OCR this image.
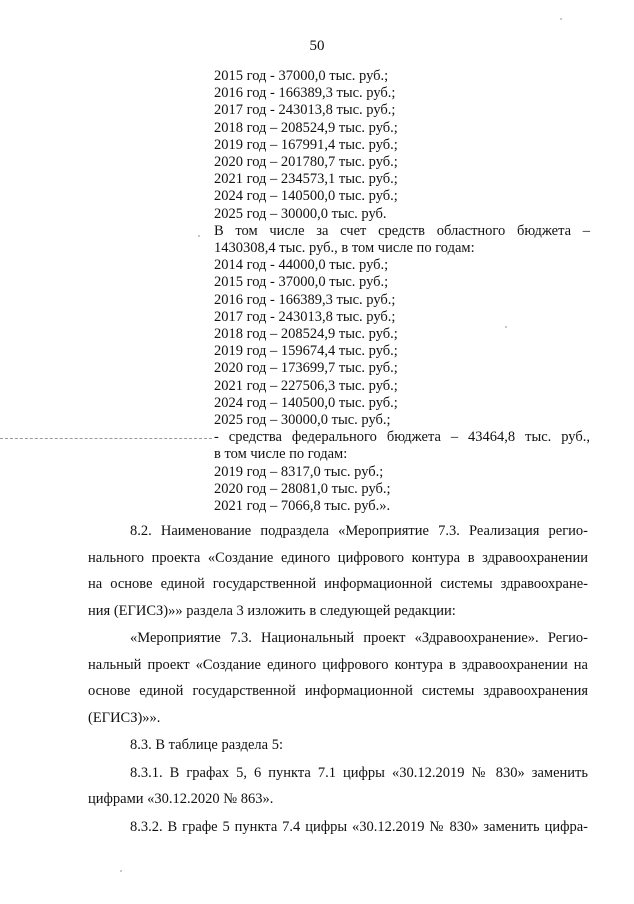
50
2015 год - 37000,0 тыс. руб.;
2016 год - 166389,3 тыс. руб.;
2017 год - 243013,8 тыс. руб.;
2018 год – 208524,9 тыс. руб.;
2019 год – 167991,4 тыс. руб.;
2020 год – 201780,7 тыс. руб.;
2021 год – 234573,1 тыс. руб.;
2024 год – 140500,0 тыс. руб.;
2025 год – 30000,0 тыс. руб.
В том числе за счет средств областного бюджета –
1430308,4 тыс. руб., в том числе по годам:
2014 год - 44000,0 тыс. руб.;
2015 год - 37000,0 тыс. руб.;
2016 год - 166389,3 тыс. руб.;
2017 год - 243013,8 тыс. руб.;
2018 год – 208524,9 тыс. руб.;
2019 год – 159674,4 тыс. руб.;
2020 год – 173699,7 тыс. руб.;
2021 год – 227506,3 тыс. руб.;
2024 год – 140500,0 тыс. руб.;
2025 год – 30000,0 тыс. руб.;
- средства федерального бюджета – 43464,8 тыс. руб.,
в том числе по годам:
2019 год – 8317,0 тыс. руб.;
2020 год – 28081,0 тыс. руб.;
2021 год – 7066,8 тыс. руб.».

8.2. Наименование подраздела «Мероприятие 7.3. Реализация регио-
нального проекта «Создание единого цифрового контура в здравоохранении
на основе единой государственной информационной системы здравоохране-
ния (ЕГИСЗ)»» раздела 3 изложить в следующей редакции:

«Мероприятие 7.3. Национальный проект «Здравоохранение». Регио-
нальный проект «Создание единого цифрового контура в здравоохранении на
основе единой государственной информационной системы здравоохранения
(ЕГИСЗ)»».

8.3. В таблице раздела 5:

8.3.1. В графах 5, 6 пункта 7.1 цифры «30.12.2019 № 830» заменить
цифрами «30.12.2020 № 863».

8.3.2. В графе 5 пункта 7.4 цифры «30.12.2019 № 830» заменить цифра-
